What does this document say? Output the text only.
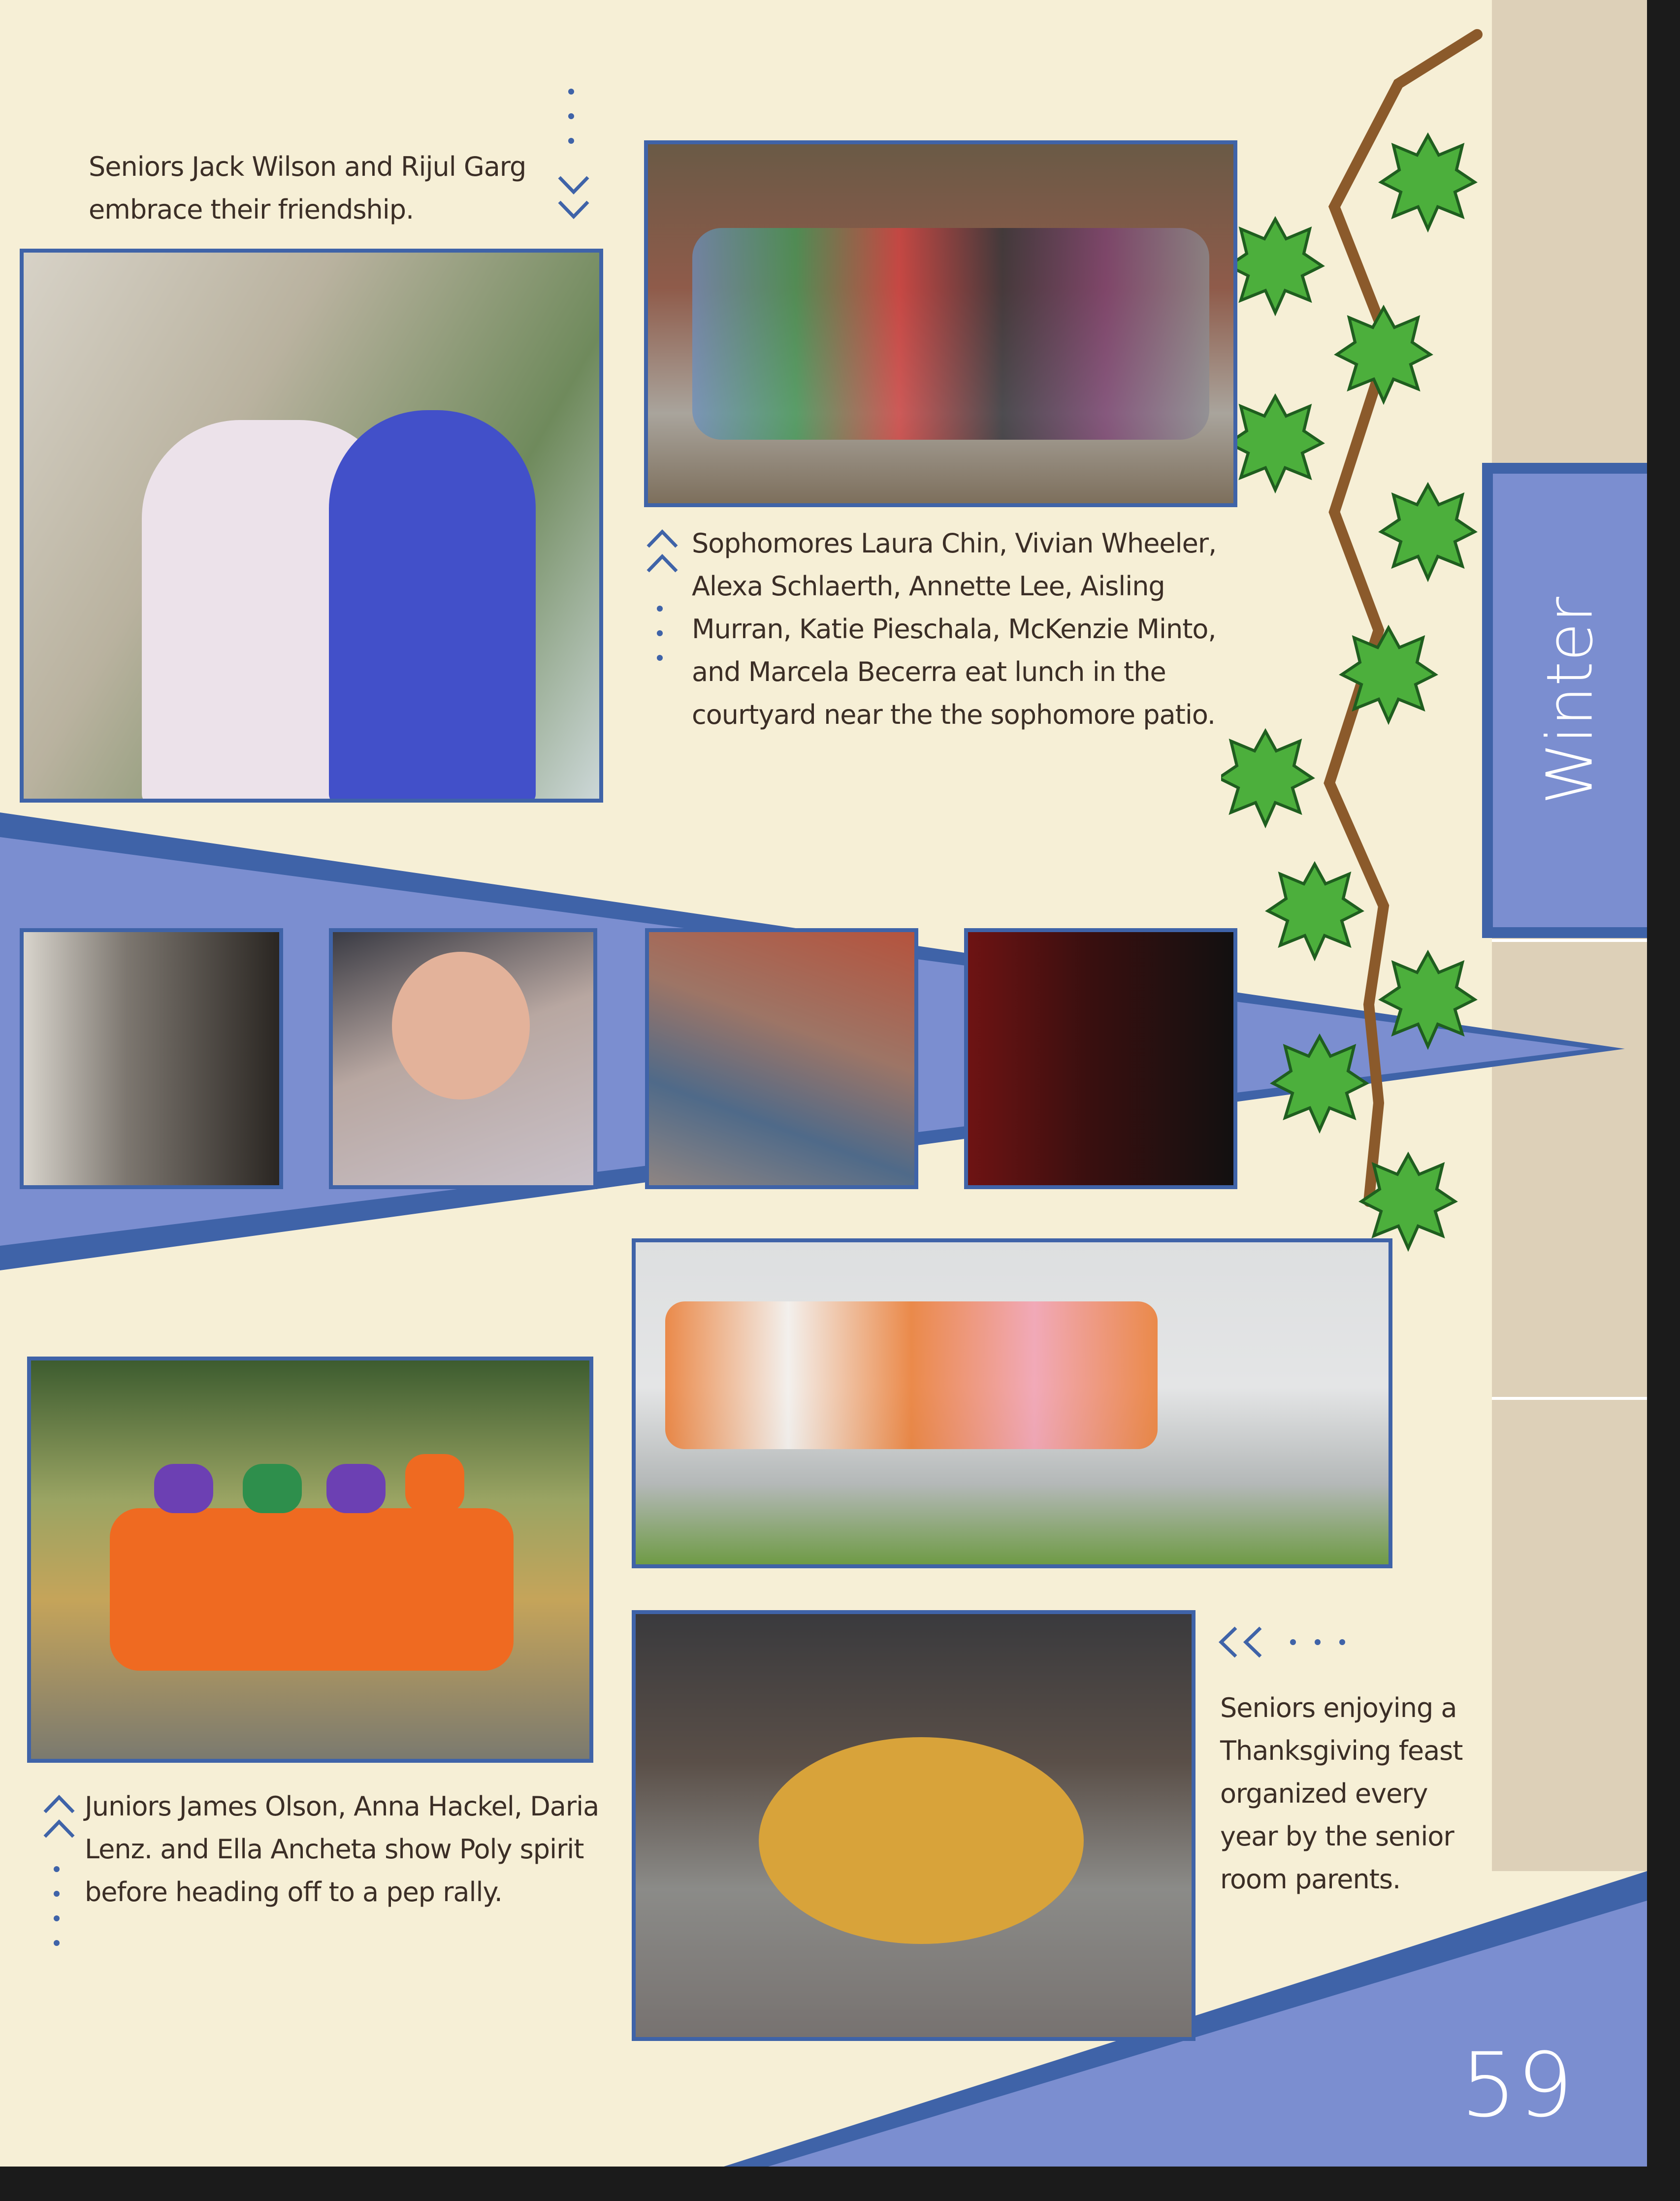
Winter

Seniors Jack Wilson and Rijul Garg

embrace their friendship.

Sophomores Laura Chin, Vivian Wheeler,

Alexa Schlaerth, Annette Lee, Aisling

Murran, Katie Pieschala, McKenzie Minto,

and Marcela Becerra eat lunch in the

courtyard near the the sophomore patio.

Juniors James Olson, Anna Hackel, Daria

Lenz. and Ella Ancheta show Poly spirit

before heading off to a pep rally.

Seniors enjoying a

Thanksgiving feast

organized every

year by the senior

room parents.

59
